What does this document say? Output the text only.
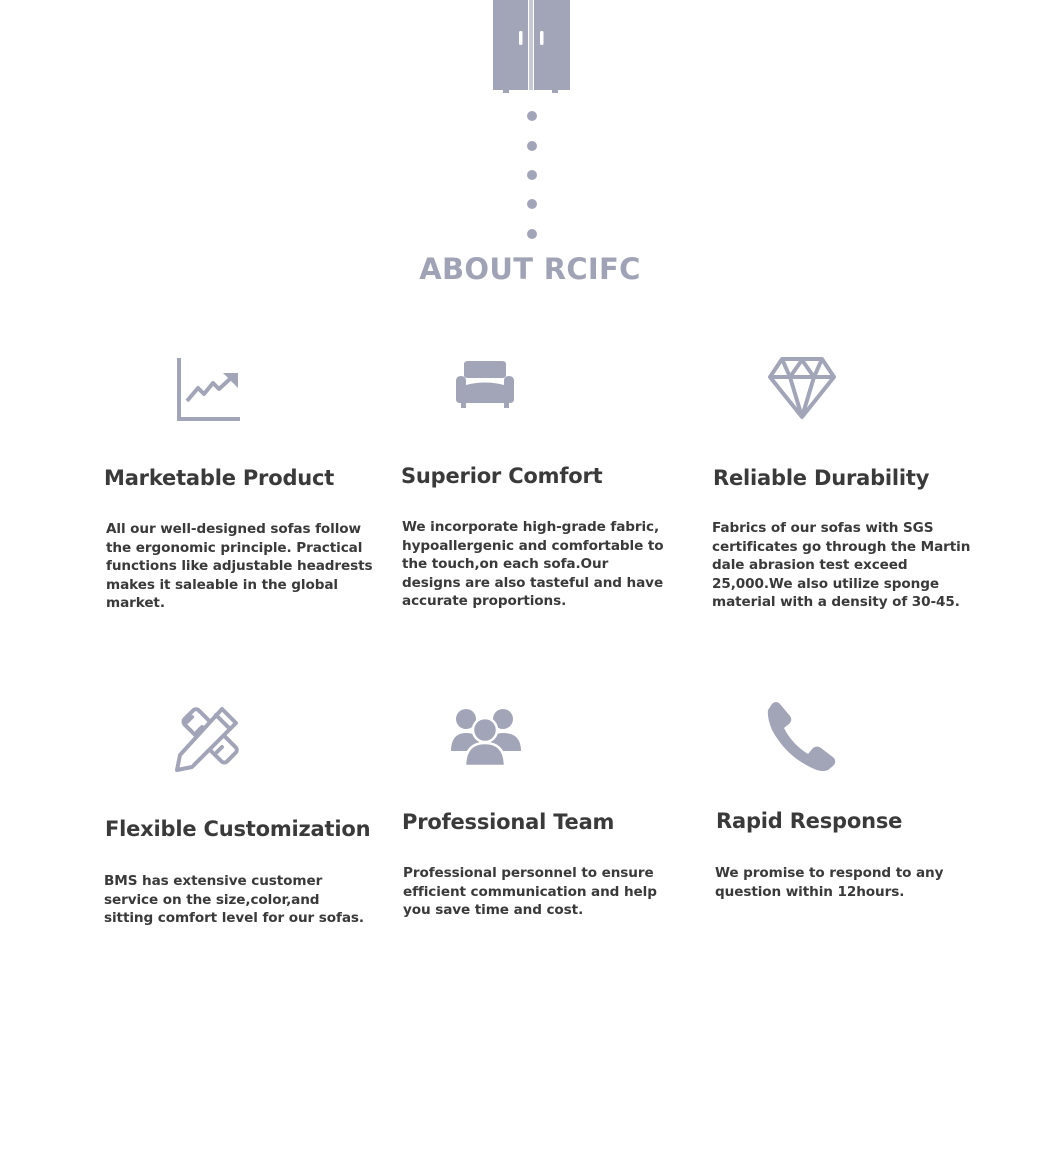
ABOUT RCIFC
Marketable Product
All our well-designed sofas follow the ergonomic principle. Practical functions like adjustable headrests makes it saleable in the global market.
Superior Comfort
We incorporate high-grade fabric, hypoallergenic and comfortable to the touch,on each sofa.Our designs are also tasteful and have accurate proportions.
Reliable Durability
Fabrics of our sofas with SGS certificates go through the Martin dale abrasion test exceed 25,000.We also utilize sponge material with a density of 30-45.
Flexible Customization
BMS has extensive customer service on the size,color,and sitting comfort level for our sofas.
Professional Team
Professional personnel to ensure efficient communication and help you save time and cost.
Rapid Response
We promise to respond to any question within 12hours.
